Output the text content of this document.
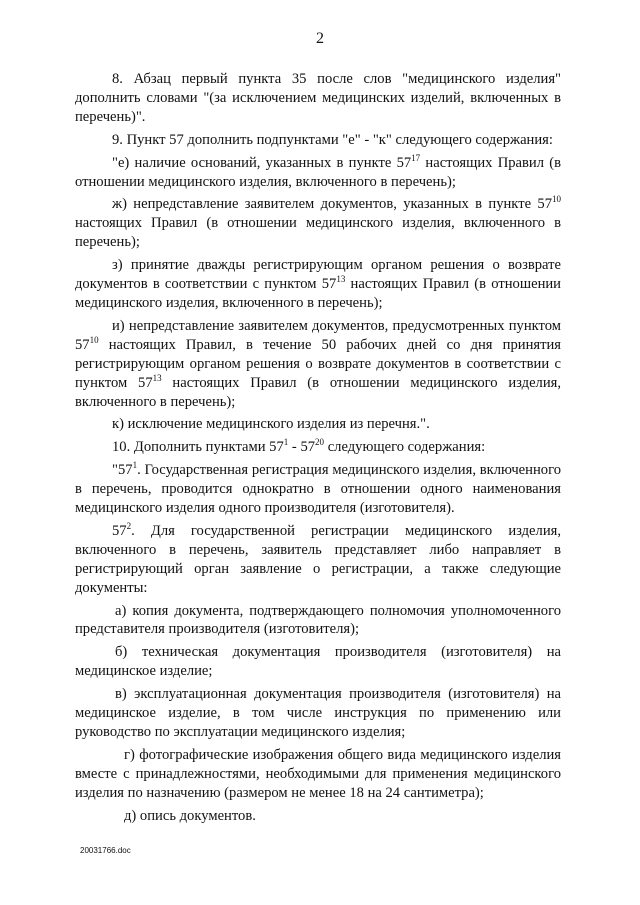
2

8. Абзац первый пункта 35 после слов "медицинского изделия" дополнить словами "(за исключением медицинских изделий, включенных в перечень)".

9. Пункт 57 дополнить подпунктами "е" - "к" следующего содержания:

"е) наличие оснований, указанных в пункте $57^{17}$ настоящих Правил (в отношении медицинского изделия, включенного в перечень);

ж) непредставление заявителем документов, указанных в пункте $57^{10}$ настоящих Правил (в отношении медицинского изделия, включенного в перечень);

з) принятие дважды регистрирующим органом решения о возврате документов в соответствии с пунктом $57^{13}$ настоящих Правил (в отношении медицинского изделия, включенного в перечень);

и) непредставление заявителем документов, предусмотренных пунктом $57^{10}$ настоящих Правил, в течение 50 рабочих дней со дня принятия регистрирующим органом решения о возврате документов в соответствии с пунктом $57^{13}$ настоящих Правил (в отношении медицинского изделия, включенного в перечень);

к) исключение медицинского изделия из перечня.".

10. Дополнить пунктами $57^1 - 57^{20}$ следующего содержания:

"$57^1$. Государственная регистрация медицинского изделия, включенного в перечень, проводится однократно в отношении одного наименования медицинского изделия одного производителя (изготовителя).

$57^2$. Для государственной регистрации медицинского изделия, включенного в перечень, заявитель представляет либо направляет в регистрирующий орган заявление о регистрации, а также следующие документы:

а) копия документа, подтверждающего полномочия уполномоченного представителя производителя (изготовителя);

б) техническая документация производителя (изготовителя) на медицинское изделие;

в) эксплуатационная документация производителя (изготовителя) на медицинское изделие, в том числе инструкция по применению или руководство по эксплуатации медицинского изделия;

г) фотографические изображения общего вида медицинского изделия вместе с принадлежностями, необходимыми для применения медицинского изделия по назначению (размером не менее 18 на 24 сантиметра);

д) опись документов.

20031766.doc
